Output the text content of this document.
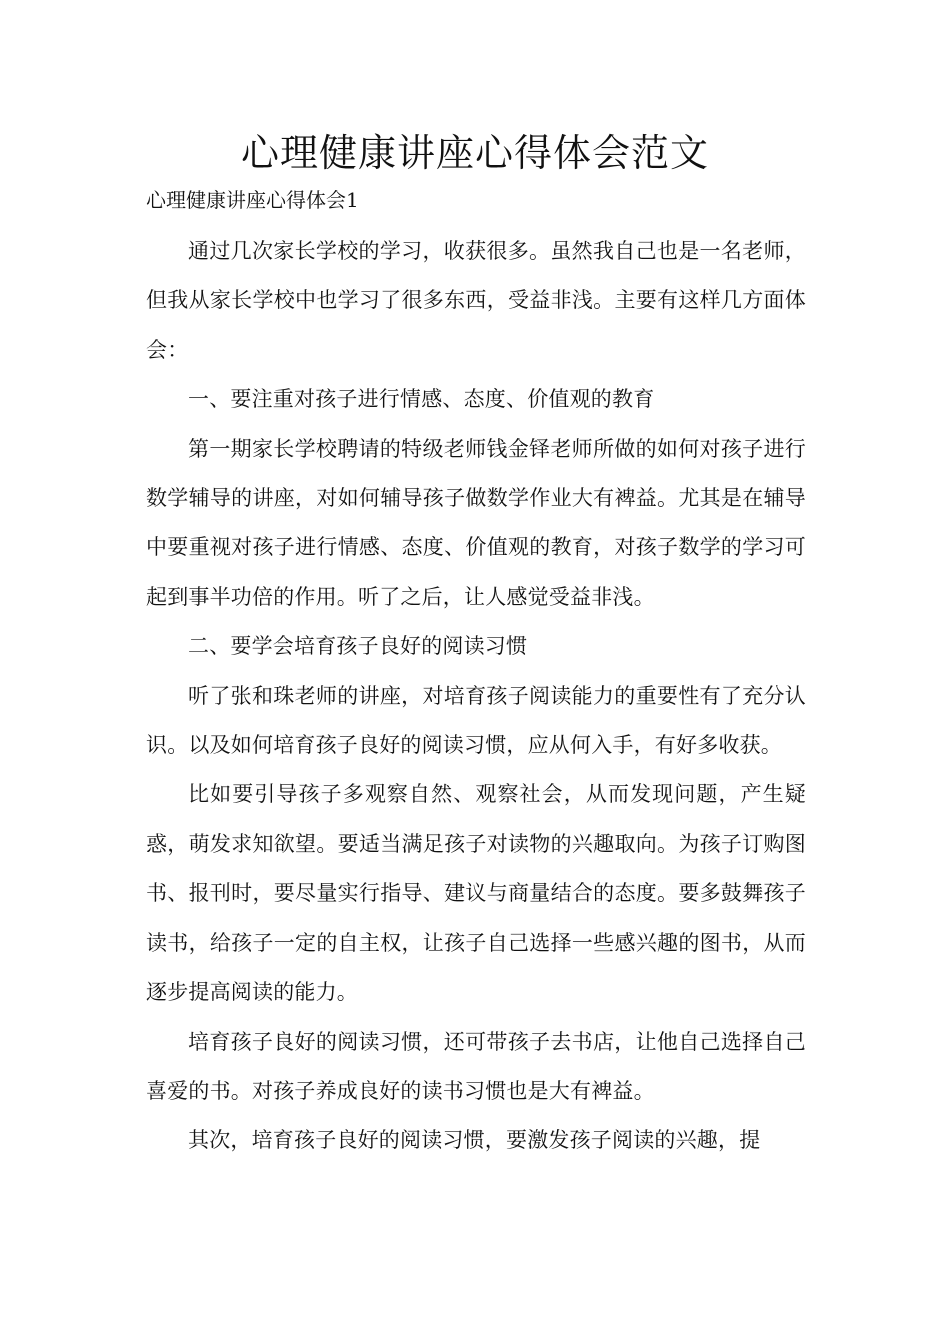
心理健康讲座心得体会范文
心理健康讲座心得体会1

通过几次家长学校的学习，收获很多。虽然我自己也是一名老师，但我从家长学校中也学习了很多东西，受益非浅。主要有这样几方面体会：

一、要注重对孩子进行情感、态度、价值观的教育

第一期家长学校聘请的特级老师钱金铎老师所做的如何对孩子进行数学辅导的讲座，对如何辅导孩子做数学作业大有裨益。尤其是在辅导中要重视对孩子进行情感、态度、价值观的教育，对孩子数学的学习可起到事半功倍的作用。听了之后，让人感觉受益非浅。

二、要学会培育孩子良好的阅读习惯

听了张和珠老师的讲座，对培育孩子阅读能力的重要性有了充分认识。以及如何培育孩子良好的阅读习惯，应从何入手，有好多收获。

比如要引导孩子多观察自然、观察社会，从而发现问题，产生疑惑，萌发求知欲望。要适当满足孩子对读物的兴趣取向。为孩子订购图书、报刊时，要尽量实行指导、建议与商量结合的态度。要多鼓舞孩子读书，给孩子一定的自主权，让孩子自己选择一些感兴趣的图书，从而逐步提高阅读的能力。

培育孩子良好的阅读习惯，还可带孩子去书店，让他自己选择自己喜爱的书。对孩子养成良好的读书习惯也是大有裨益。

其次，培育孩子良好的阅读习惯，要激发孩子阅读的兴趣，提
